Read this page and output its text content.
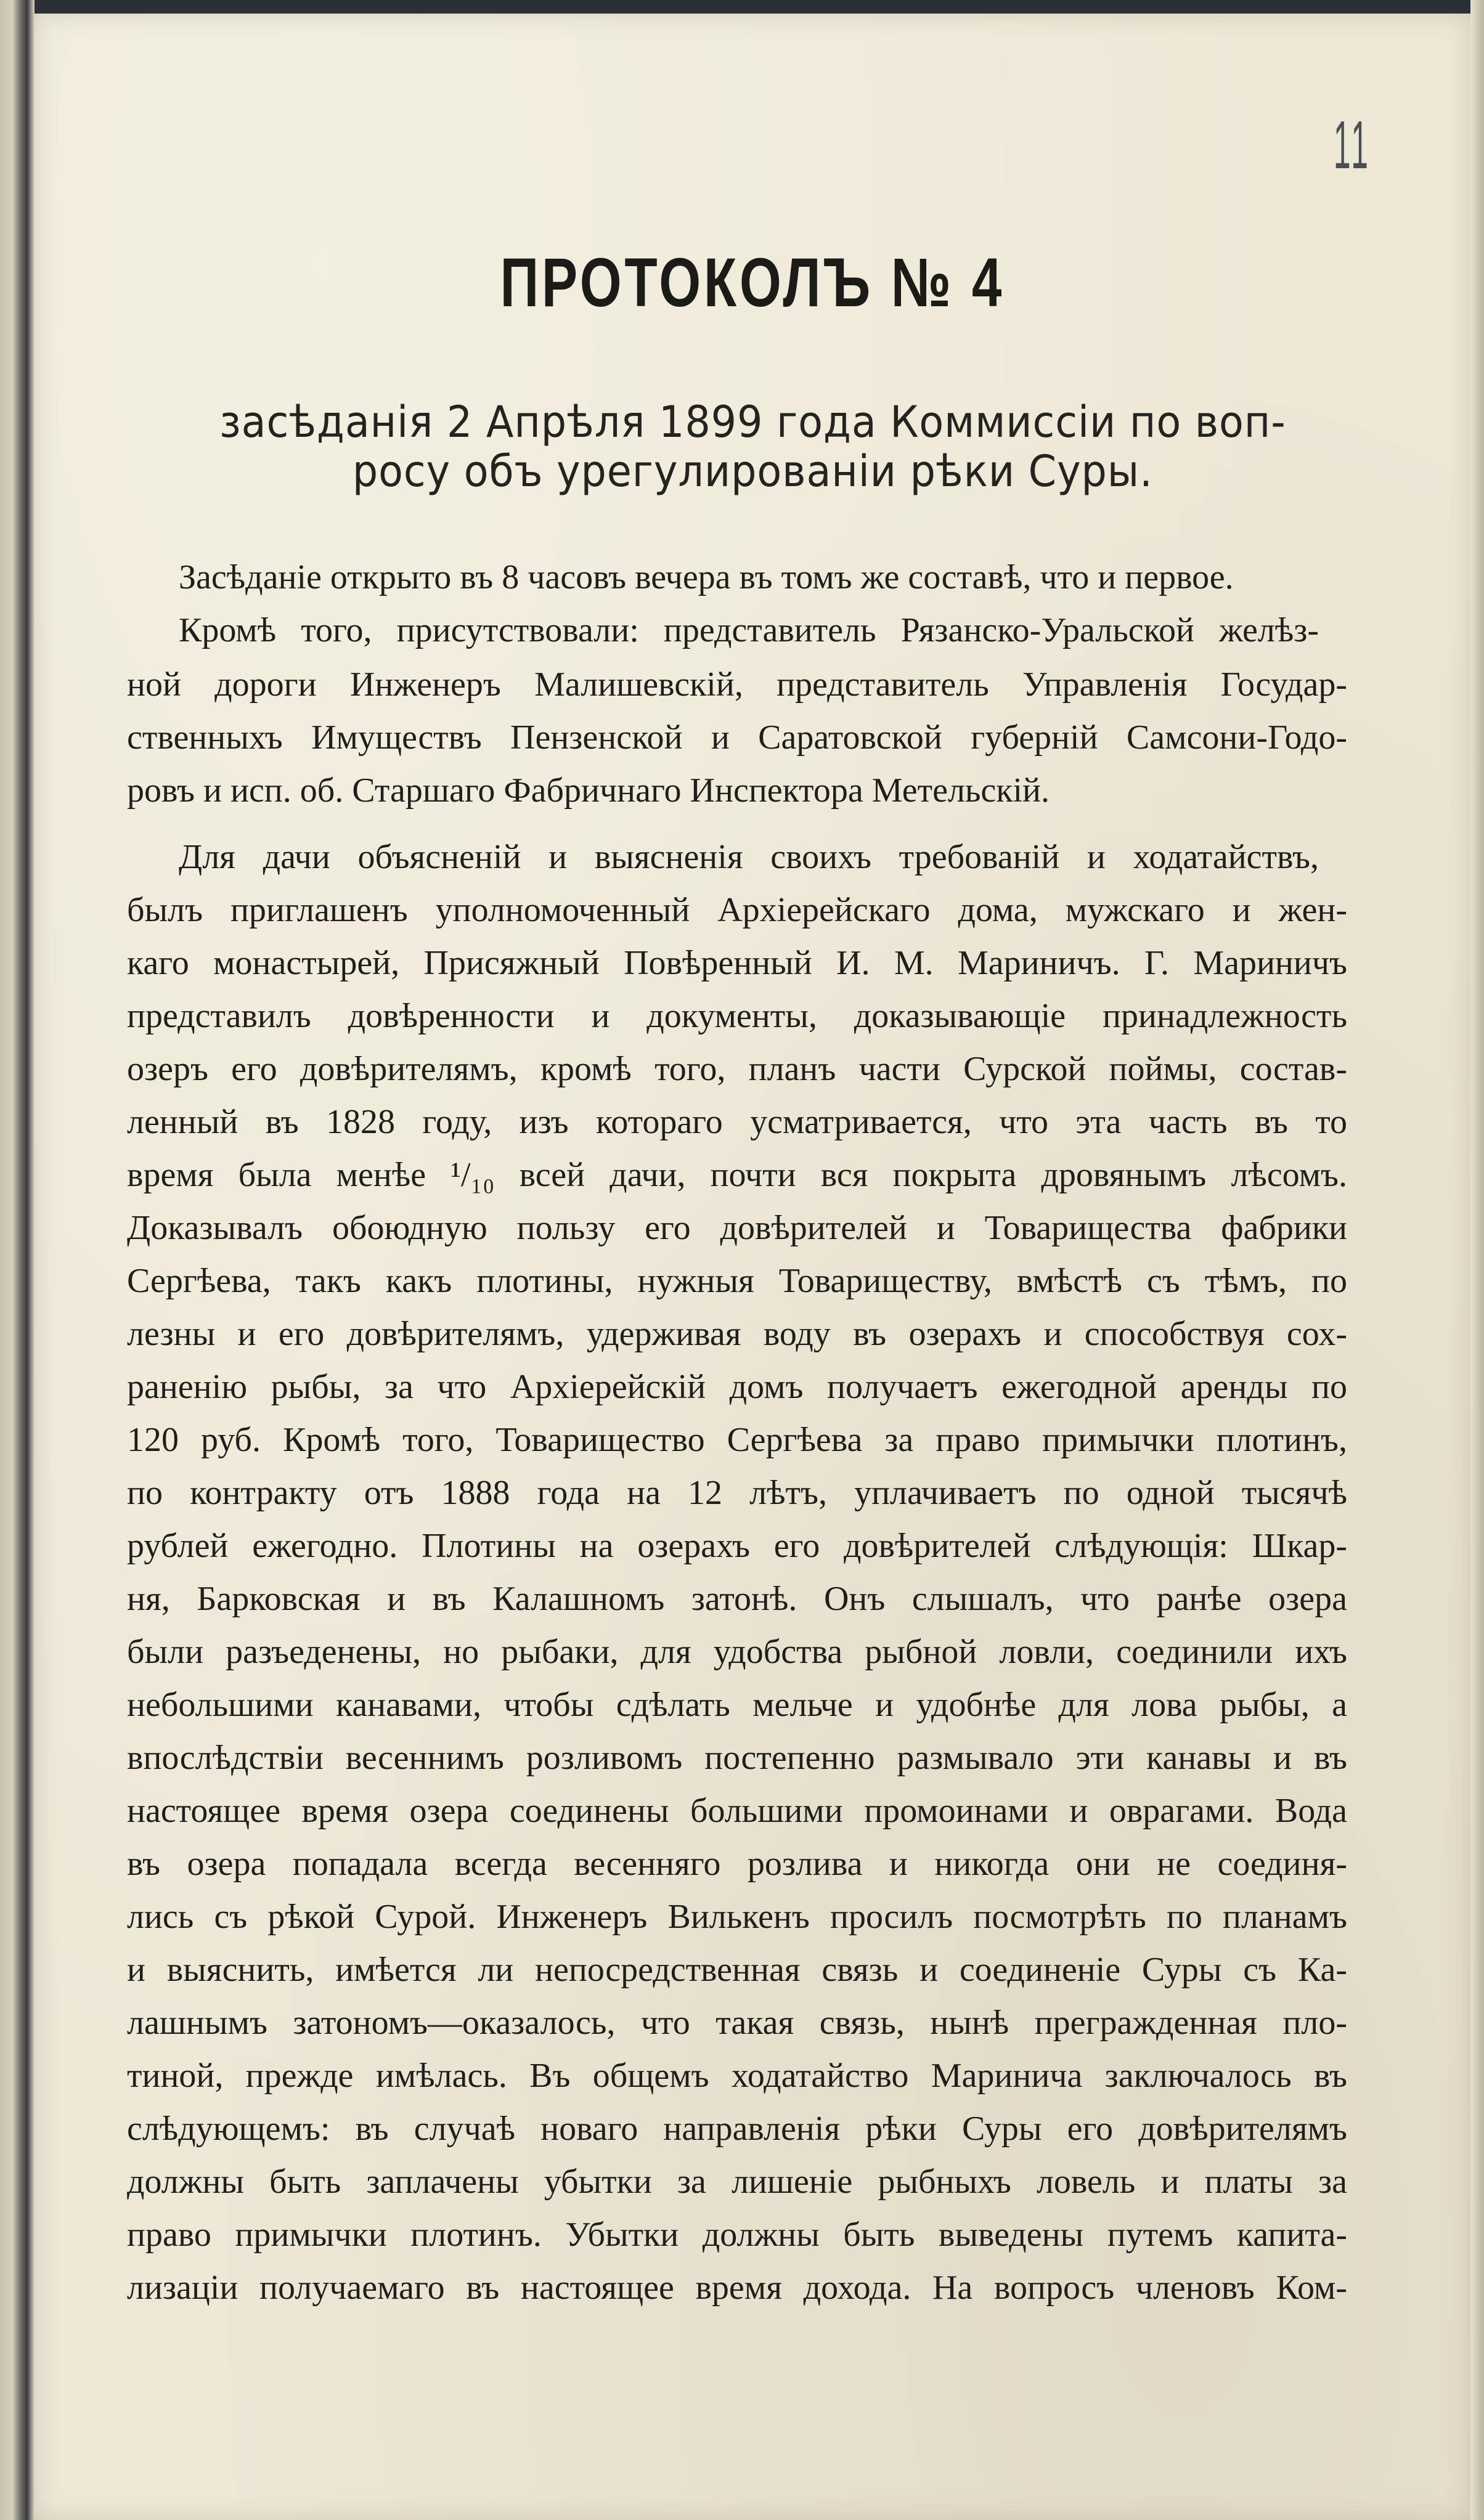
11
ПРОТОКОЛЪ № 4
засѣданія 2 Апрѣля 1899 года Коммиссіи по воп-
росу объ урегулированіи рѣки Суры.
Засѣданіе открыто въ 8 часовъ вечера въ томъ же составѣ, что и первое.
Кромѣ того, присутствовали: представитель Рязанско-Уральской желѣз-
ной дороги Инженеръ Малишевскій, представитель Управленія Государ-
ственныхъ Имуществъ Пензенской и Саратовской губерній Самсони-Годо-
ровъ и исп. об. Старшаго Фабричнаго Инспектора Метельскій.
Для дачи объясненій и выясненія своихъ требованій и ходатайствъ,
былъ приглашенъ уполномоченный Архіерейскаго дома, мужскаго и жен-
каго монастырей, Присяжный Повѣренный И. М. Мариничъ. Г. Мариничъ
представилъ довѣренности и документы, доказывающіе принадлежность
озеръ его довѣрителямъ, кромѣ того, планъ части Сурской поймы, состав-
ленный въ 1828 году, изъ котораго усматривается, что эта часть въ то
время была менѣе ¹/₁₀ всей дачи, почти вся покрыта дровянымъ лѣсомъ.
Доказывалъ обоюдную пользу его довѣрителей и Товарищества фабрики
Сергѣева, такъ какъ плотины, нужныя Товариществу, вмѣстѣ съ тѣмъ, по
лезны и его довѣрителямъ, удерживая воду въ озерахъ и способствуя сох-
раненію рыбы, за что Архіерейскій домъ получаетъ ежегодной аренды по
120 руб. Кромѣ того, Товарищество Сергѣева за право примычки плотинъ,
по контракту отъ 1888 года на 12 лѣтъ, уплачиваетъ по одной тысячѣ
рублей ежегодно. Плотины на озерахъ его довѣрителей слѣдующія: Шкар-
ня, Барковская и въ Калашномъ затонѣ. Онъ слышалъ, что ранѣе озера
были разъеденены, но рыбаки, для удобства рыбной ловли, соединили ихъ
небольшими канавами, чтобы сдѣлать мельче и удобнѣе для лова рыбы, а
впослѣдствіи весеннимъ розливомъ постепенно размывало эти канавы и въ
настоящее время озера соединены большими промоинами и оврагами. Вода
въ озера попадала всегда весенняго розлива и никогда они не соединя-
лись съ рѣкой Сурой. Инженеръ Вилькенъ просилъ посмотрѣть по планамъ
и выяснить, имѣется ли непосредственная связь и соединеніе Суры съ Ка-
лашнымъ затономъ—оказалось, что такая связь, нынѣ прегражденная пло-
тиной, прежде имѣлась. Въ общемъ ходатайство Маринича заключалось въ
слѣдующемъ: въ случаѣ новаго направленія рѣки Суры его довѣрителямъ
должны быть заплачены убытки за лишеніе рыбныхъ ловель и платы за
право примычки плотинъ. Убытки должны быть выведены путемъ капита-
лизаціи получаемаго въ настоящее время дохода. На вопросъ членовъ Ком-
